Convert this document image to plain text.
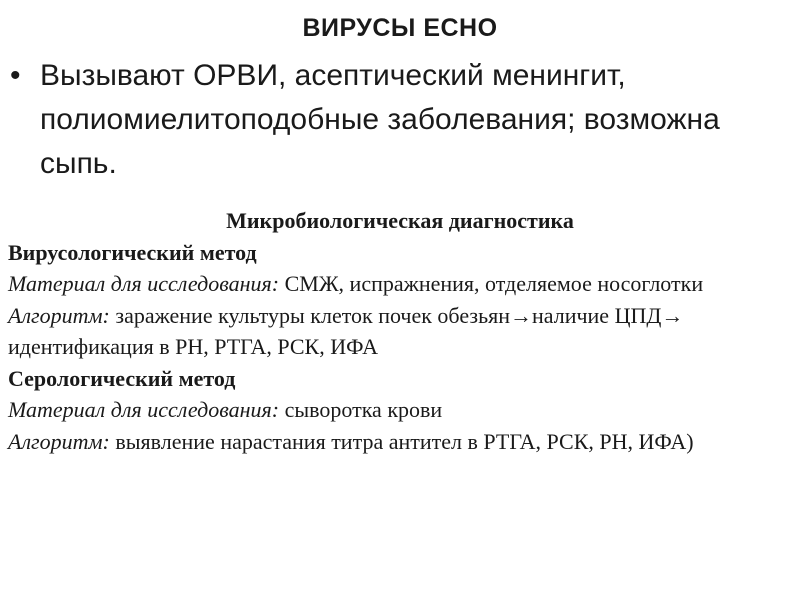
ВИРУСЫ ЕСНО
• Вызывают ОРВИ, асептический менингит, полиомиелитоподобные заболевания; возможна сыпь.
Микробиологическая диагностика
Вирусологический метод
Материал для исследования: СМЖ, испражнения, отделяемое носоглотки
Алгоритм: заражение культуры клеток почек обезьян→наличие ЦПД→ идентификация в РН, РТГА, РСК, ИФА
Серологический метод
Материал для исследования: сыворотка крови
Алгоритм: выявление нарастания титра антител в РТГА, РСК, РН, ИФА)
